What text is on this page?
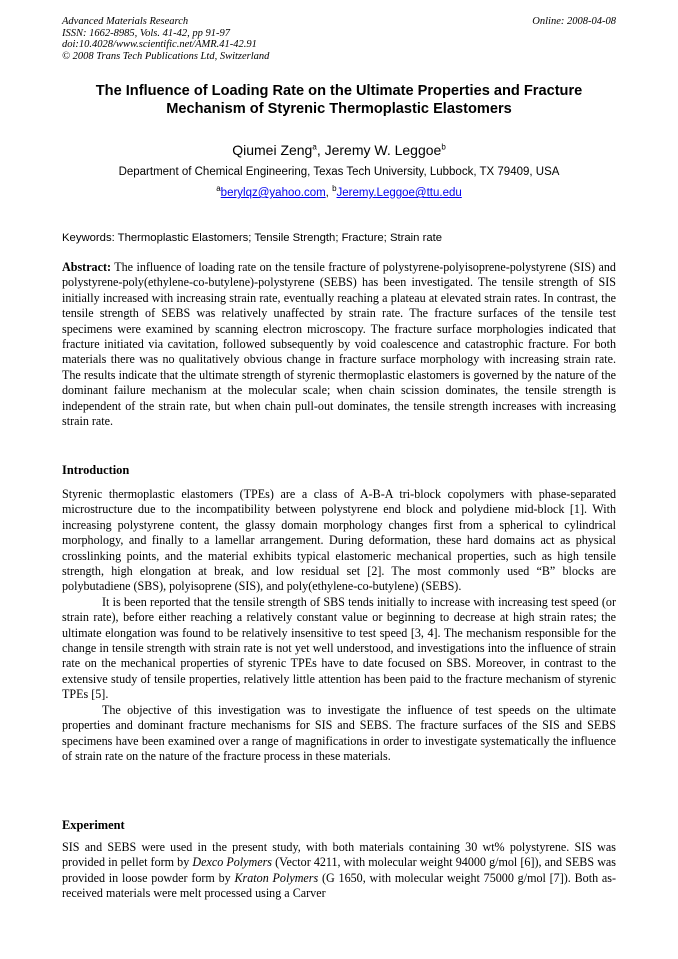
Advanced Materials Research
ISSN: 1662-8985, Vols. 41-42, pp 91-97
doi:10.4028/www.scientific.net/AMR.41-42.91
© 2008 Trans Tech Publications Ltd, Switzerland
Online: 2008-04-08
The Influence of Loading Rate on the Ultimate Properties and Fracture Mechanism of Styrenic Thermoplastic Elastomers
Qiumei Zeng$^a$, Jeremy W. Leggoe$^b$
Department of Chemical Engineering, Texas Tech University, Lubbock, TX 79409, USA
$^a$berylqz@yahoo.com, $^b$Jeremy.Leggoe@ttu.edu
Keywords: Thermoplastic Elastomers; Tensile Strength; Fracture; Strain rate
Abstract: The influence of loading rate on the tensile fracture of polystyrene-polyisoprene-polystyrene (SIS) and polystyrene-poly(ethylene-co-butylene)-polystyrene (SEBS) has been investigated. The tensile strength of SIS initially increased with increasing strain rate, eventually reaching a plateau at elevated strain rates. In contrast, the tensile strength of SEBS was relatively unaffected by strain rate. The fracture surfaces of the tensile test specimens were examined by scanning electron microscopy. The fracture surface morphologies indicated that fracture initiated via cavitation, followed subsequently by void coalescence and catastrophic fracture. For both materials there was no qualitatively obvious change in fracture surface morphology with increasing strain rate. The results indicate that the ultimate strength of styrenic thermoplastic elastomers is governed by the nature of the dominant failure mechanism at the molecular scale; when chain scission dominates, the tensile strength is independent of the strain rate, but when chain pull-out dominates, the tensile strength increases with increasing strain rate.
Introduction

Styrenic thermoplastic elastomers (TPEs) are a class of A-B-A tri-block copolymers with phase-separated microstructure due to the incompatibility between polystyrene end block and polydiene mid-block [1]. With increasing polystyrene content, the glassy domain morphology changes first from a spherical to cylindrical morphology, and finally to a lamellar arrangement. During deformation, these hard domains act as physical crosslinking points, and the material exhibits typical elastomeric mechanical properties, such as high tensile strength, high elongation at break, and low residual set [2]. The most commonly used “B” blocks are polybutadiene (SBS), polyisoprene (SIS), and poly(ethylene-co-butylene) (SEBS).

It is been reported that the tensile strength of SBS tends initially to increase with increasing test speed (or strain rate), before either reaching a relatively constant value or beginning to decrease at high strain rates; the ultimate elongation was found to be relatively insensitive to test speed [3, 4]. The mechanism responsible for the change in tensile strength with strain rate is not yet well understood, and investigations into the influence of strain rate on the mechanical properties of styrenic TPEs have to date focused on SBS. Moreover, in contrast to the extensive study of tensile properties, relatively little attention has been paid to the fracture mechanism of styrenic TPEs [5].

The objective of this investigation was to investigate the influence of test speeds on the ultimate properties and dominant fracture mechanisms for SIS and SEBS. The fracture surfaces of the SIS and SEBS specimens have been examined over a range of magnifications in order to investigate systematically the influence of strain rate on the nature of the fracture process in these materials.

Experiment

SIS and SEBS were used in the present study, with both materials containing 30 wt% polystyrene. SIS was provided in pellet form by Dexco Polymers (Vector 4211, with molecular weight 94000 g/mol [6]), and SEBS was provided in loose powder form by Kraton Polymers (G 1650, with molecular weight 75000 g/mol [7]). Both as-received materials were melt processed using a Carver
